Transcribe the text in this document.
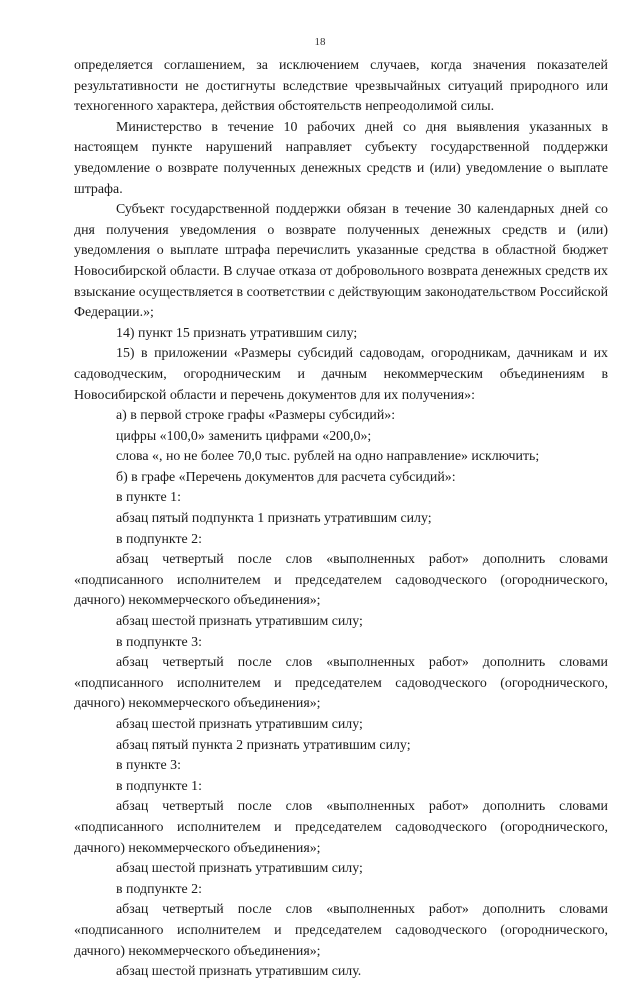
18

определяется соглашением, за исключением случаев, когда значения показателей результативности не достигнуты вследствие чрезвычайных ситуаций природного или техногенного характера, действия обстоятельств непреодолимой силы.

Министерство в течение 10 рабочих дней со дня выявления указанных в настоящем пункте нарушений направляет субъекту государственной поддержки уведомление о возврате полученных денежных средств и (или) уведомление о выплате штрафа.

Субъект государственной поддержки обязан в течение 30 календарных дней со дня получения уведомления о возврате полученных денежных средств и (или) уведомления о выплате штрафа перечислить указанные средства в областной бюджет Новосибирской области. В случае отказа от добровольного возврата денежных средств их взыскание осуществляется в соответствии с действующим законодательством Российской Федерации.»;

14) пункт 15 признать утратившим силу;

15) в приложении «Размеры субсидий садоводам, огородникам, дачникам и их садоводческим, огородническим и дачным некоммерческим объединениям в Новосибирской области и перечень документов для их получения»:

а) в первой строке графы «Размеры субсидий»:

цифры «100,0» заменить цифрами «200,0»;

слова «, но не более 70,0 тыс. рублей на одно направление» исключить;

б) в графе «Перечень документов для расчета субсидий»:

в пункте 1:

абзац пятый подпункта 1 признать утратившим силу;

в подпункте 2:

абзац четвертый после слов «выполненных работ» дополнить словами «подписанного исполнителем и председателем садоводческого (огороднического, дачного) некоммерческого объединения»;

абзац шестой признать утратившим силу;

в подпункте 3:

абзац четвертый после слов «выполненных работ» дополнить словами «подписанного исполнителем и председателем садоводческого (огороднического, дачного) некоммерческого объединения»;

абзац шестой признать утратившим силу;

абзац пятый пункта 2 признать утратившим силу;

в пункте 3:

в подпункте 1:

абзац четвертый после слов «выполненных работ» дополнить словами «подписанного исполнителем и председателем садоводческого (огороднического, дачного) некоммерческого объединения»;

абзац шестой признать утратившим силу;

в подпункте 2:

абзац четвертый после слов «выполненных работ» дополнить словами «подписанного исполнителем и председателем садоводческого (огороднического, дачного) некоммерческого объединения»;

абзац шестой признать утратившим силу.
